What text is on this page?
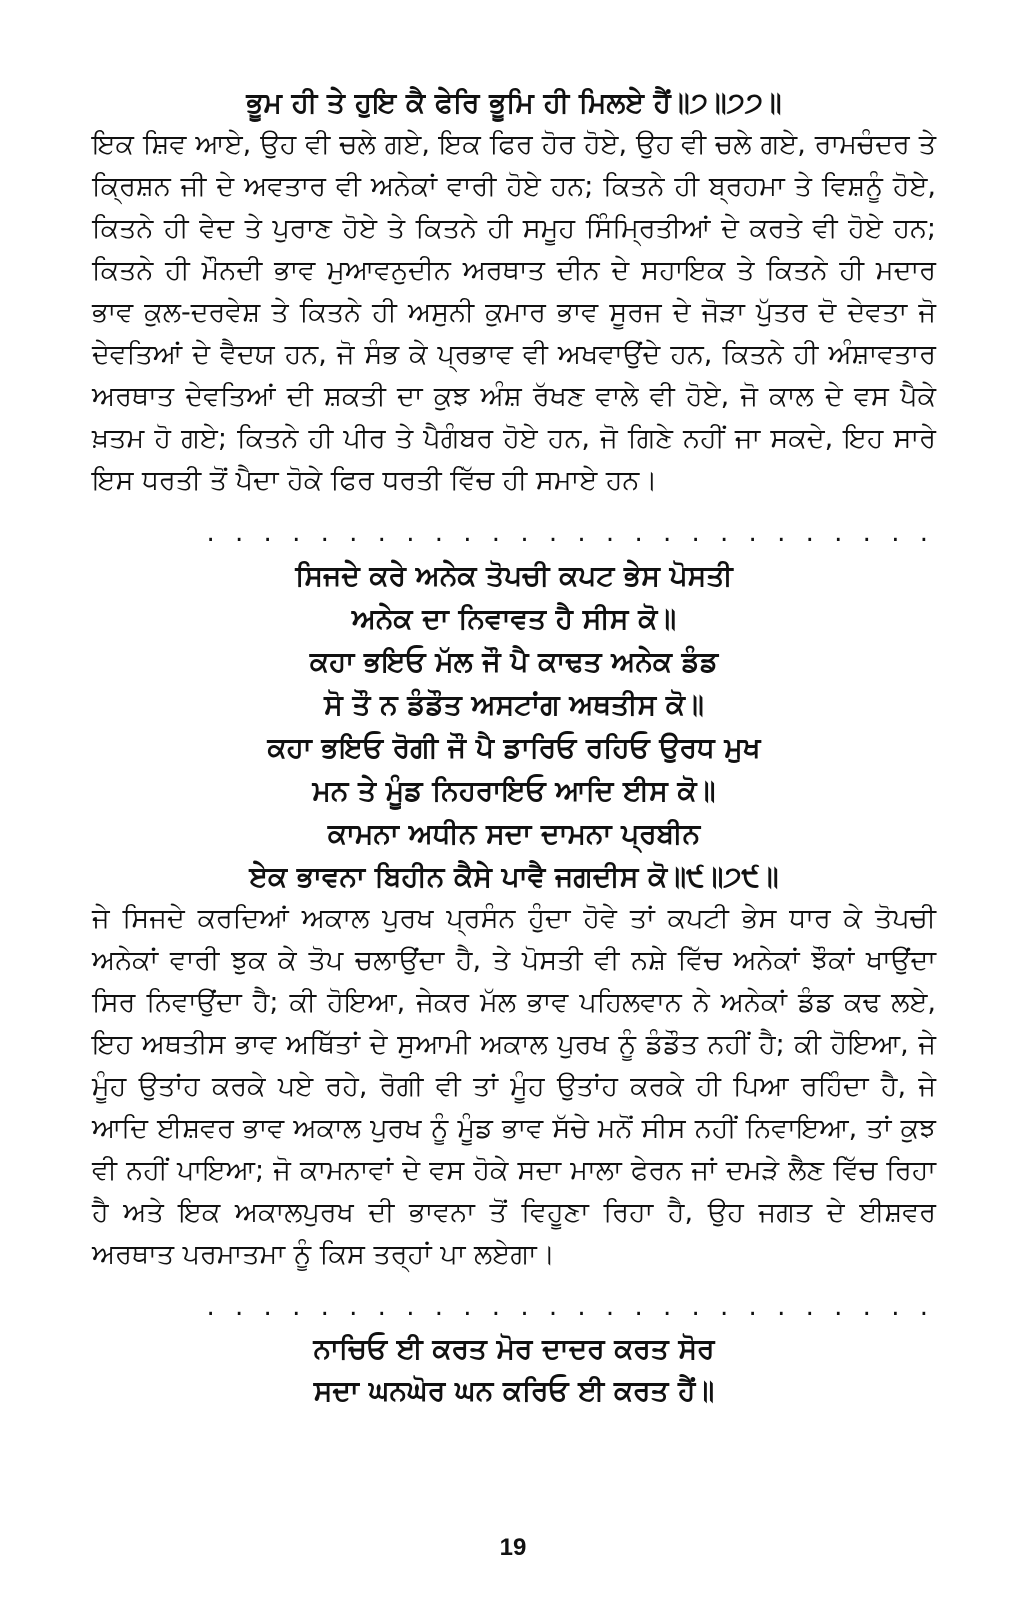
ਭੂਮ ਹੀ ਤੇ ਹੁਇ ਕੈ ਫੇਰਿ ਭੂਮਿ ਹੀ ਮਿਲਏ ਹੈਂ॥੭॥੭੭॥

ਇਕ ਸ਼ਿਵ ਆਏ, ਉਹ ਵੀ ਚਲੇ ਗਏ, ਇਕ ਫਿਰ ਹੋਰ ਹੋਏ, ਉਹ ਵੀ ਚਲੇ ਗਏ, ਰਾਮਚੰਦਰ ਤੇ ਕ੍ਰਿਸ਼ਨ ਜੀ ਦੇ ਅਵਤਾਰ ਵੀ ਅਨੇਕਾਂ ਵਾਰੀ ਹੋਏ ਹਨ; ਕਿਤਨੇ ਹੀ ਬ੍ਰਹਮਾ ਤੇ ਵਿਸ਼ਨੂੰ ਹੋਏ, ਕਿਤਨੇ ਹੀ ਵੇਦ ਤੇ ਪੁਰਾਣ ਹੋਏ ਤੇ ਕਿਤਨੇ ਹੀ ਸਮੂਹ ਸਿੰਮ੍ਰਿਤੀਆਂ ਦੇ ਕਰਤੇ ਵੀ ਹੋਏ ਹਨ; ਕਿਤਨੇ ਹੀ ਮੌਨਦੀ ਭਾਵ ਮੁਆਵਨੁਦੀਨ ਅਰਥਾਤ ਦੀਨ ਦੇ ਸਹਾਇਕ ਤੇ ਕਿਤਨੇ ਹੀ ਮਦਾਰ ਭਾਵ ਕੁਲ-ਦਰਵੇਸ਼ ਤੇ ਕਿਤਨੇ ਹੀ ਅਸੁਨੀ ਕੁਮਾਰ ਭਾਵ ਸੂਰਜ ਦੇ ਜੋੜਾ ਪੁੱਤਰ ਦੋ ਦੇਵਤਾ ਜੋ ਦੇਵਤਿਆਂ ਦੇ ਵੈਦਯ ਹਨ, ਜੋ ਸੰਭ ਕੇ ਪ੍ਰਭਾਵ ਵੀ ਅਖਵਾਉਂਦੇ ਹਨ, ਕਿਤਨੇ ਹੀ ਅੰਸ਼ਾਵਤਾਰ ਅਰਥਾਤ ਦੇਵਤਿਆਂ ਦੀ ਸ਼ਕਤੀ ਦਾ ਕੁਝ ਅੰਸ਼ ਰੱਖਣ ਵਾਲੇ ਵੀ ਹੋਏ, ਜੋ ਕਾਲ ਦੇ ਵਸ ਪੈਕੇ ਖ਼ਤਮ ਹੋ ਗਏ; ਕਿਤਨੇ ਹੀ ਪੀਰ ਤੇ ਪੈਗੰਬਰ ਹੋਏ ਹਨ, ਜੋ ਗਿਣੇ ਨਹੀਂ ਜਾ ਸਕਦੇ, ਇਹ ਸਾਰੇ ਇਸ ਧਰਤੀ ਤੋਂ ਪੈਦਾ ਹੋਕੇ ਫਿਰ ਧਰਤੀ ਵਿੱਚ ਹੀ ਸਮਾਏ ਹਨ।

. . . . . . . . . . . . . . . . . . . . . . . . . .

ਸਿਜਦੇ ਕਰੇ ਅਨੇਕ ਤੋਪਚੀ ਕਪਟ ਭੇਸ ਪੋਸਤੀ
ਅਨੇਕ ਦਾ ਨਿਵਾਵਤ ਹੈ ਸੀਸ ਕੋ॥
ਕਹਾ ਭਇਓ ਮੱਲ ਜੌ ਪੈ ਕਾਢਤ ਅਨੇਕ ਡੰਡ
ਸੋ ਤੌ ਨ ਡੰਡੌਤ ਅਸਟਾਂਗ ਅਥਤੀਸ ਕੋ॥
ਕਹਾ ਭਇਓ ਰੋਗੀ ਜੌ ਪੈ ਡਾਰਿਓ ਰਹਿਓ ਉਰਧ ਮੁਖ
ਮਨ ਤੇ ਮੂੰਡ ਨਿਹਰਾਇਓ ਆਦਿ ਈਸ ਕੋ॥
ਕਾਮਨਾ ਅਧੀਨ ਸਦਾ ਦਾਮਨਾ ਪ੍ਰਬੀਨ
ਏਕ ਭਾਵਨਾ ਬਿਹੀਨ ਕੈਸੇ ਪਾਵੈ ਜਗਦੀਸ ਕੋ॥੯॥੭੯॥

ਜੇ ਸਿਜਦੇ ਕਰਦਿਆਂ ਅਕਾਲ ਪੁਰਖ ਪ੍ਰਸੰਨ ਹੁੰਦਾ ਹੋਵੇ ਤਾਂ ਕਪਟੀ ਭੇਸ ਧਾਰ ਕੇ ਤੋਪਚੀ ਅਨੇਕਾਂ ਵਾਰੀ ਝੁਕ ਕੇ ਤੋਪ ਚਲਾਉਂਦਾ ਹੈ, ਤੇ ਪੋਸਤੀ ਵੀ ਨਸ਼ੇ ਵਿੱਚ ਅਨੇਕਾਂ ਝੌਕਾਂ ਖਾਉਂਦਾ ਸਿਰ ਨਿਵਾਉਂਦਾ ਹੈ; ਕੀ ਹੋਇਆ, ਜੇਕਰ ਮੱਲ ਭਾਵ ਪਹਿਲਵਾਨ ਨੇ ਅਨੇਕਾਂ ਡੰਡ ਕਢ ਲਏ, ਇਹ ਅਥਤੀਸ ਭਾਵ ਅਥਿੱਤਾਂ ਦੇ ਸੁਆਮੀ ਅਕਾਲ ਪੁਰਖ ਨੂੰ ਡੰਡੌਤ ਨਹੀਂ ਹੈ; ਕੀ ਹੋਇਆ, ਜੇ ਮੂੰਹ ਉਤਾਂਹ ਕਰਕੇ ਪਏ ਰਹੇ, ਰੋਗੀ ਵੀ ਤਾਂ ਮੂੰਹ ਉਤਾਂਹ ਕਰਕੇ ਹੀ ਪਿਆ ਰਹਿੰਦਾ ਹੈ, ਜੇ ਆਦਿ ਈਸ਼ਵਰ ਭਾਵ ਅਕਾਲ ਪੁਰਖ ਨੂੰ ਮੂੰਡ ਭਾਵ ਸੱਚੇ ਮਨੋਂ ਸੀਸ ਨਹੀਂ ਨਿਵਾਇਆ, ਤਾਂ ਕੁਝ ਵੀ ਨਹੀਂ ਪਾਇਆ; ਜੋ ਕਾਮਨਾਵਾਂ ਦੇ ਵਸ ਹੋਕੇ ਸਦਾ ਮਾਲਾ ਫੇਰਨ ਜਾਂ ਦਮੜੇ ਲੈਣ ਵਿੱਚ ਰਿਹਾ ਹੈ ਅਤੇ ਇਕ ਅਕਾਲਪੁਰਖ ਦੀ ਭਾਵਨਾ ਤੋਂ ਵਿਹੂਣਾ ਰਿਹਾ ਹੈ, ਉਹ ਜਗਤ ਦੇ ਈਸ਼ਵਰ ਅਰਥਾਤ ਪਰਮਾਤਮਾ ਨੂੰ ਕਿਸ ਤਰ੍ਹਾਂ ਪਾ ਲਏਗਾ।

. . . . . . . . . . . . . . . . . . . . . . . . . .

ਨਾਚਿਓ ਈ ਕਰਤ ਮੋਰ ਦਾਦਰ ਕਰਤ ਸੋਰ
ਸਦਾ ਘਨਘੋਰ ਘਨ ਕਰਿਓ ਈ ਕਰਤ ਹੈਂ॥

19
